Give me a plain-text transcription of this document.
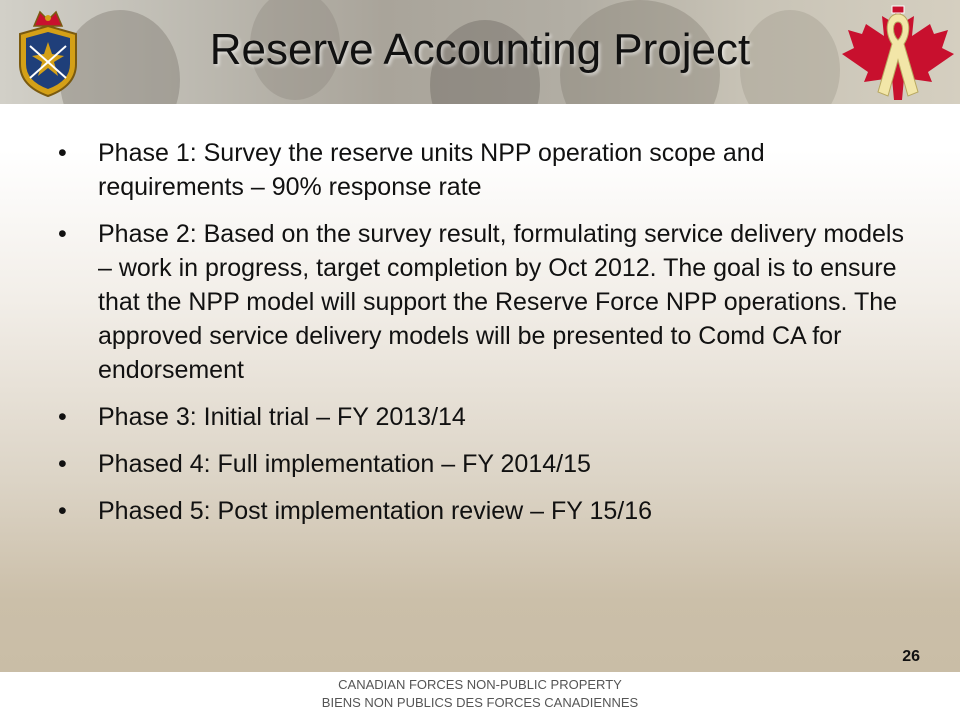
Reserve Accounting Project
• Phase 1: Survey the reserve units NPP operation scope and requirements – 90% response rate
• Phase 2: Based on the survey result, formulating service delivery models – work in progress, target completion by Oct 2012. The goal is to ensure that the NPP model will support the Reserve Force NPP operations. The approved service delivery models will be presented to Comd CA for endorsement
• Phase 3: Initial trial – FY 2013/14
• Phased 4: Full implementation – FY 2014/15
• Phased 5: Post implementation review – FY 15/16
26
CANADIAN FORCES NON-PUBLIC PROPERTY
BIENS NON PUBLICS DES FORCES CANADIENNES
